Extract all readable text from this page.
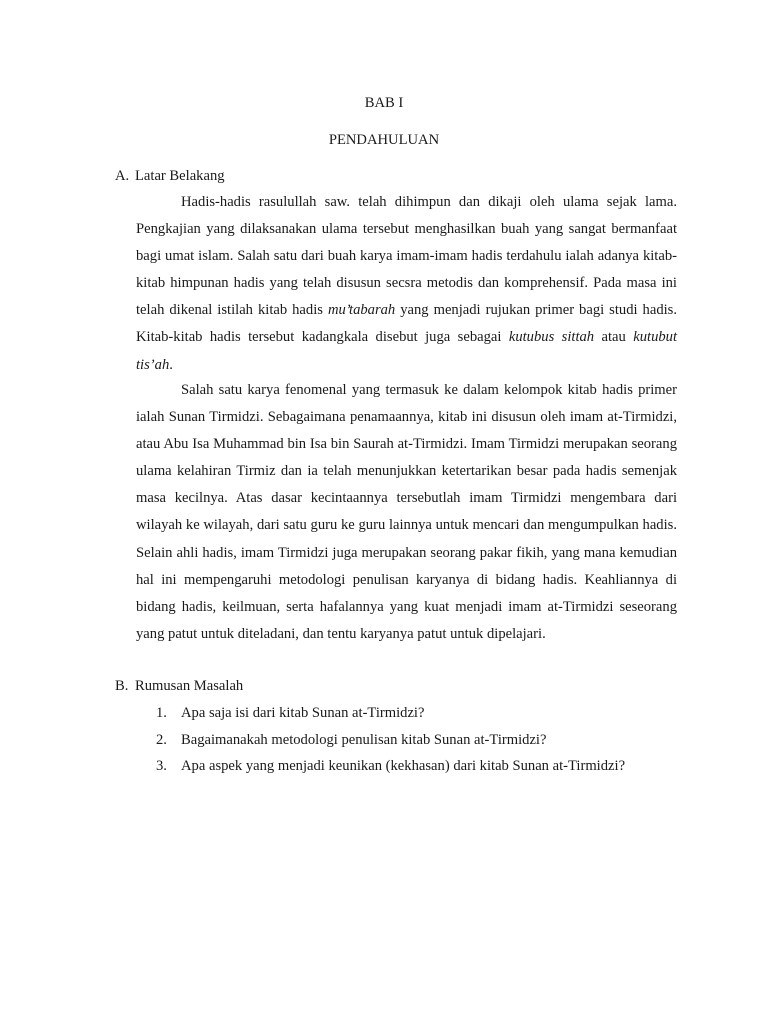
BAB I
PENDAHULUAN
A. Latar Belakang

Hadis-hadis rasulullah saw. telah dihimpun dan dikaji oleh ulama sejak lama. Pengkajian yang dilaksanakan ulama tersebut menghasilkan buah yang sangat bermanfaat bagi umat islam. Salah satu dari buah karya imam-imam hadis terdahulu ialah adanya kitab-kitab himpunan hadis yang telah disusun secsra metodis dan komprehensif. Pada masa ini telah dikenal istilah kitab hadis mu’tabarah yang menjadi rujukan primer bagi studi hadis. Kitab-kitab hadis tersebut kadangkala disebut juga sebagai kutubus sittah atau kutubut tis’ah.

Salah satu karya fenomenal yang termasuk ke dalam kelompok kitab hadis primer ialah Sunan Tirmidzi. Sebagaimana penamaannya, kitab ini disusun oleh imam at-Tirmidzi, atau Abu Isa Muhammad bin Isa bin Saurah at-Tirmidzi. Imam Tirmidzi merupakan seorang ulama kelahiran Tirmiz dan ia telah menunjukkan ketertarikan besar pada hadis semenjak masa kecilnya. Atas dasar kecintaannya tersebutlah imam Tirmidzi mengembara dari wilayah ke wilayah, dari satu guru ke guru lainnya untuk mencari dan mengumpulkan hadis. Selain ahli hadis, imam Tirmidzi juga merupakan seorang pakar fikih, yang mana kemudian hal ini mempengaruhi metodologi penulisan karyanya di bidang hadis. Keahliannya di bidang hadis, keilmuan, serta hafalannya yang kuat menjadi imam at-Tirmidzi seseorang yang patut untuk diteladani, dan tentu karyanya patut untuk dipelajari.

B. Rumusan Masalah
1. Apa saja isi dari kitab Sunan at-Tirmidzi?
2. Bagaimanakah metodologi penulisan kitab Sunan at-Tirmidzi?
3. Apa aspek yang menjadi keunikan (kekhasan) dari kitab Sunan at-Tirmidzi?
